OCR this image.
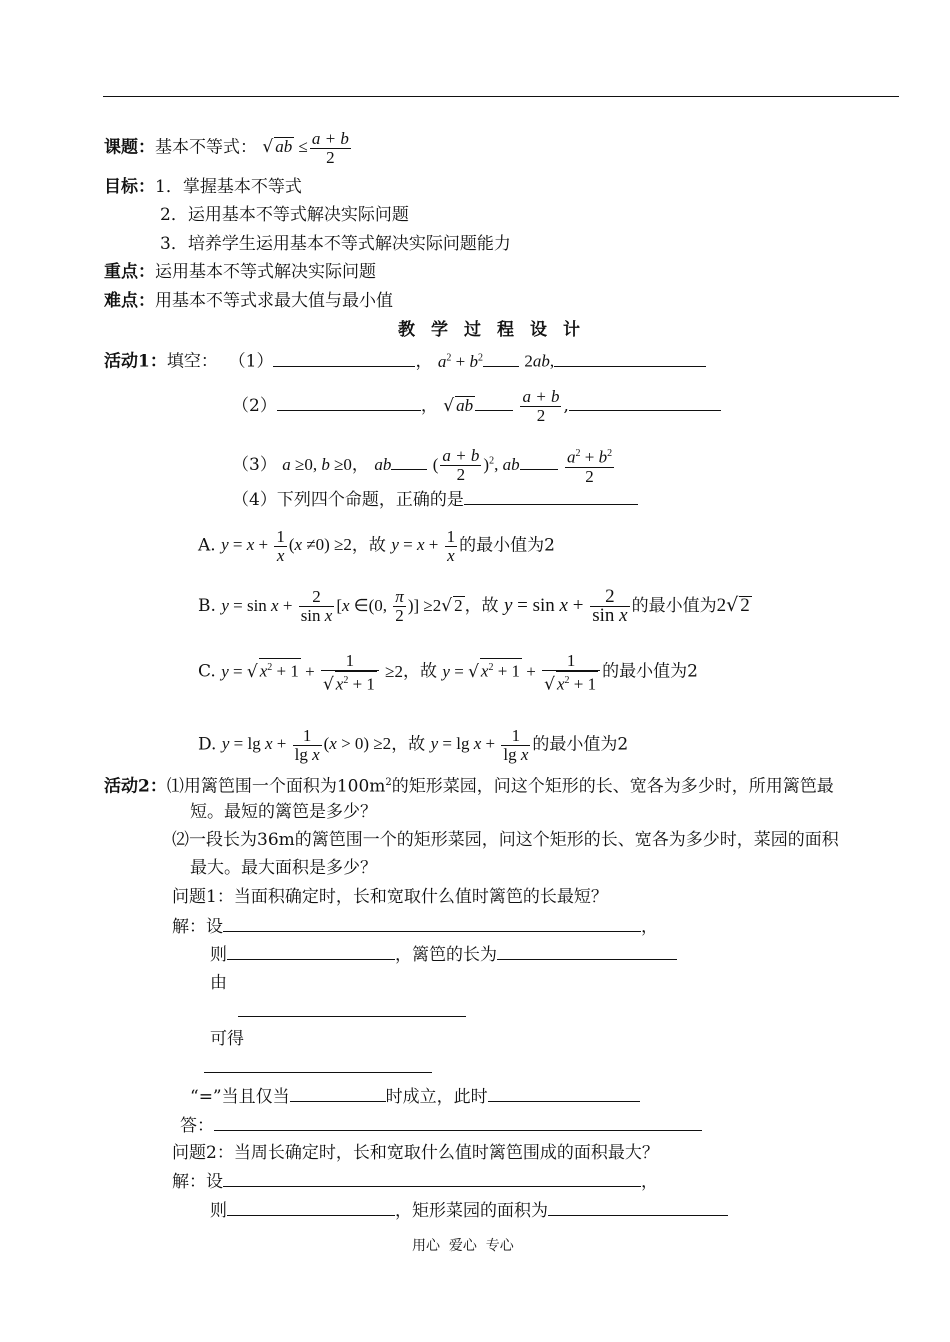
课题：基本不等式： √ ab ≤ $\frac{a + b}{2}$
目标：1．掌握基本不等式
2．运用基本不等式解决实际问题
3．培养学生运用基本不等式解决实际问题能力
重点：运用基本不等式解决实际问题
难点：用基本不等式求最大值与最小值
教学过程设计
活动1：填空： （1）	， $a^2 + b^2$ 2ab,
（2）	， √ ab	$\frac{a + b}{2}$ ,
（3） a ≥0, b ≥0， ab ( $\frac{a + b}{2} )^2$, ab	$\frac{a^2 + b^2}{2}$
（4）下列四个命题，正确的是
A. $y = x + \frac{1}{x} (x \ne 0) \ge 2$，故 $y = x + \frac{1}{x}$ 的最小值为2
B. $y = \sin x + \frac{2}{\text{sin x}} [x$ ∈(0, $\frac{\pi}{2}$ )] ≥2√ 2 ，故 $y = \sin x + \frac{2}{\text{sin x}}$ 的最小值为2√ 2
C. y = √ $x^2 + 1 + \frac{1}{√ x^2 + 1} \ge 2$，故 y = √ $x^2 + 1 + \frac{1}{√ x^2 + 1}$ 的最小值为2
D. $y = \lg x + \frac{1}{\text{lg x}} (x > 0) \ge 2$，故 $y = \lg x + \frac{1}{\text{lg x}}$ 的最小值为2
活动2：⑴用篱笆围一个面积为$100m^2$的矩形菜园，问这个矩形的长、宽各为多少时，所用篱笆最
短。最短的篱笆是多少？
⑵一段长为36m的篱笆围一个的矩形菜园，问这个矩形的长、宽各为多少时，菜园的面积
最大。最大面积是多少？
问题1：当面积确定时，长和宽取什么值时篱笆的长最短？
解：设	，
则	，篱笆的长为
由
可得
“=”当且仅当	时成立，此时
答：
问题2：当周长确定时，长和宽取什么值时篱笆围成的面积最大？
解：设	，
则	，矩形菜园的面积为
用心  爱心  专心
